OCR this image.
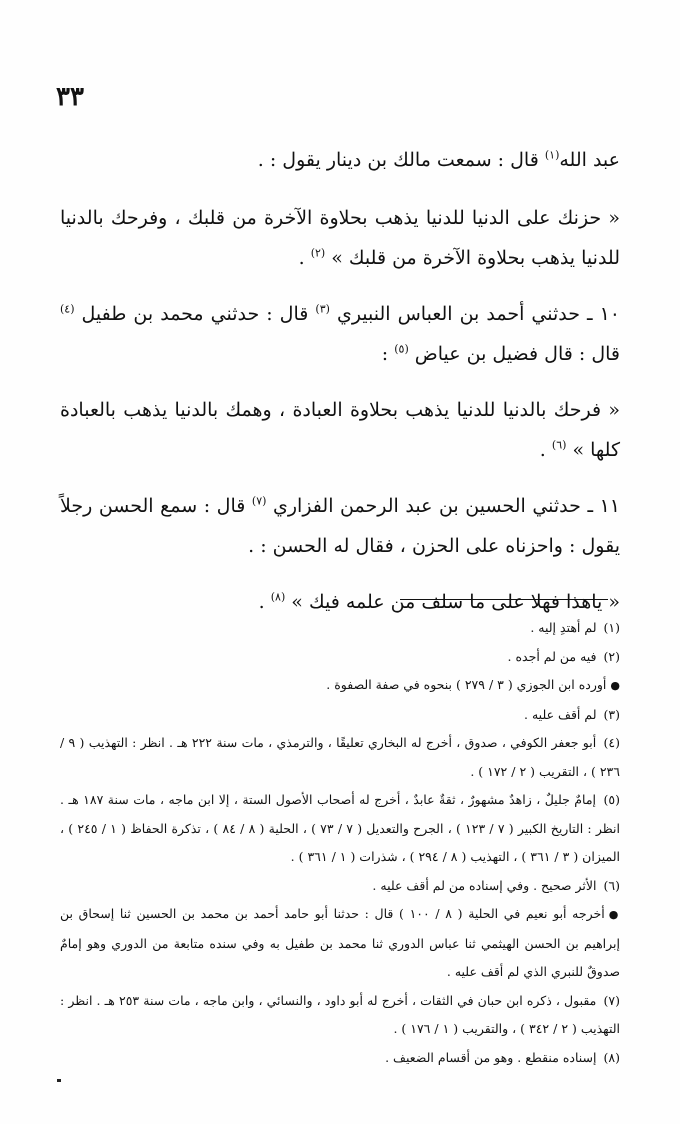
٣٣

عبد الله$^{(١)}$ قال : سمعت مالك بن دينار يقول : .

« حزنك على الدنيا للدنيا يذهب بحلاوة الآخرة من قلبك ، وفرحك بالدنيا للدنيا يذهب بحلاوة الآخرة من قلبك » $^{(٢)}$ .

١٠ ـ حدثني أحمد بن العباس النبيري $^{(٣)}$ قال : حدثني محمد بن طفيل $^{(٤)}$ قال : قال فضيل بن عياض $^{(٥)}$ :

« فرحك بالدنيا للدنيا يذهب بحلاوة العبادة ، وهمك بالدنيا يذهب بالعبادة كلها » $^{(٦)}$ .

١١ ـ حدثني الحسين بن عبد الرحمن الفزاري $^{(٧)}$ قال : سمع الحسن رجلاً يقول : واحزناه على الحزن ، فقال له الحسن : .

« ياهذا فهلا على ما سلف من علمه فيك » $^{(٨)}$ .

(١) لم أهتدِ إليه .

(٢) فيه من لم أجده .

●أورده ابن الجوزي ( ٣ / ٢٧٩ ) بنحوه في صفة الصفوة .

(٣) لم أقف عليه .

(٤) أبو جعفر الكوفي ، صدوق ، أخرج له البخاري تعليقًا ، والترمذي ، مات سنة ٢٢٢ هـ . انظر : التهذيب ( ٩ / ٢٣٦ ) ، التقريب ( ٢ / ١٧٢ ) .

(٥) إمامٌ جليلٌ ، زاهدٌ مشهورٌ ، ثقةٌ عابدٌ ، أخرج له أصحاب الأصول الستة ، إلا ابن ماجه ، مات سنة ١٨٧ هـ . انظر : التاريخ الكبير ( ٧ / ١٢٣ ) ، الجرح والتعديل ( ٧ / ٧٣ ) ، الحلية ( ٨ / ٨٤ ) ، تذكرة الحفاظ ( ١ / ٢٤٥ ) ، الميزان ( ٣ / ٣٦١ ) ، التهذيب ( ٨ / ٢٩٤ ) ، شذرات ( ١ / ٣٦١ ) .

(٦) الأثر صحيح . وفي إسناده من لم أقف عليه .

●أخرجه أبو نعيم في الحلية ( ٨ / ١٠٠ ) قال : حدثنا أبو حامد أحمد بن محمد بن الحسين ثنا إسحاق بن إبراهيم بن الحسن الهيثمي ثنا عباس الدوري ثنا محمد بن طفيل به وفي سنده متابعة من الدوري وهو إمامٌ صدوقٌ للنبري الذي لم أقف عليه .

(٧) مقبول ، ذكره ابن حبان في الثقات ، أخرج له أبو داود ، والنسائي ، وابن ماجه ، مات سنة ٢٥٣ هـ . انظر : التهذيب ( ٢ / ٣٤٢ ) ، والتقريب ( ١ / ١٧٦ ) .

(٨) إسناده منقطع . وهو من أقسام الضعيف .
